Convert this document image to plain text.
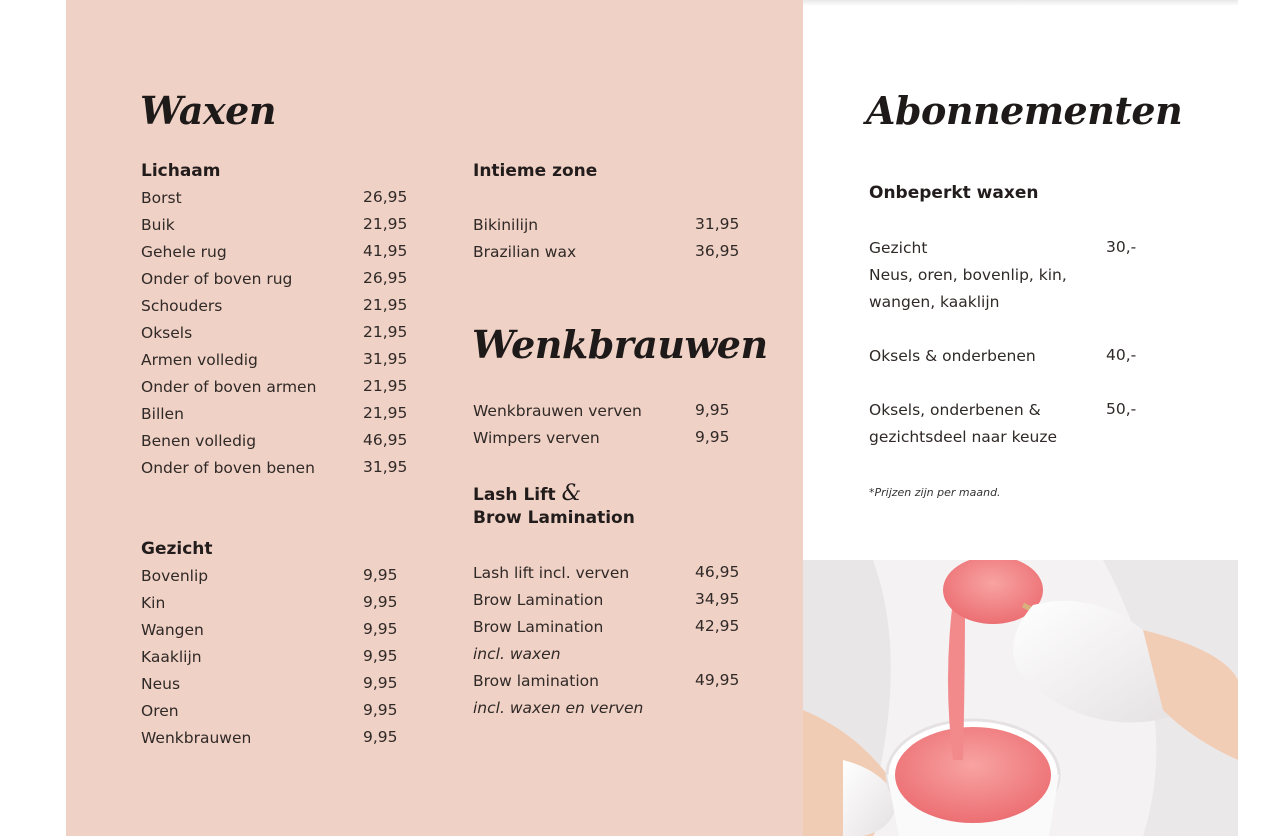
Waxen
Lichaam
Borst	26,95
Buik	21,95
Gehele rug	41,95
Onder of boven rug	26,95
Schouders	21,95
Oksels	21,95
Armen volledig	31,95
Onder of boven armen	21,95
Billen	21,95
Benen volledig	46,95
Onder of boven benen	31,95
Gezicht
Bovenlip	9,95
Kin	9,95
Wangen	9,95
Kaaklijn	9,95
Neus	9,95
Oren	9,95
Wenkbrauwen	9,95
Intieme zone
Bikinilijn	31,95
Brazilian wax	36,95
Wenkbrauwen
Wenkbrauwen verven	9,95
Wimpers verven	9,95
Lash Lift &
Brow Lamination
Lash lift incl. verven	46,95
Brow Lamination	34,95
Brow Lamination	42,95
incl. waxen
Brow lamination	49,95
incl. waxen en verven
Abonnementen
Onbeperkt waxen
Gezicht	30,-
Neus, oren, bovenlip, kin,
wangen, kaaklijn
Oksels & onderbenen	40,-
Oksels, onderbenen &	50,-
gezichtsdeel naar keuze
*Prijzen zijn per maand.
